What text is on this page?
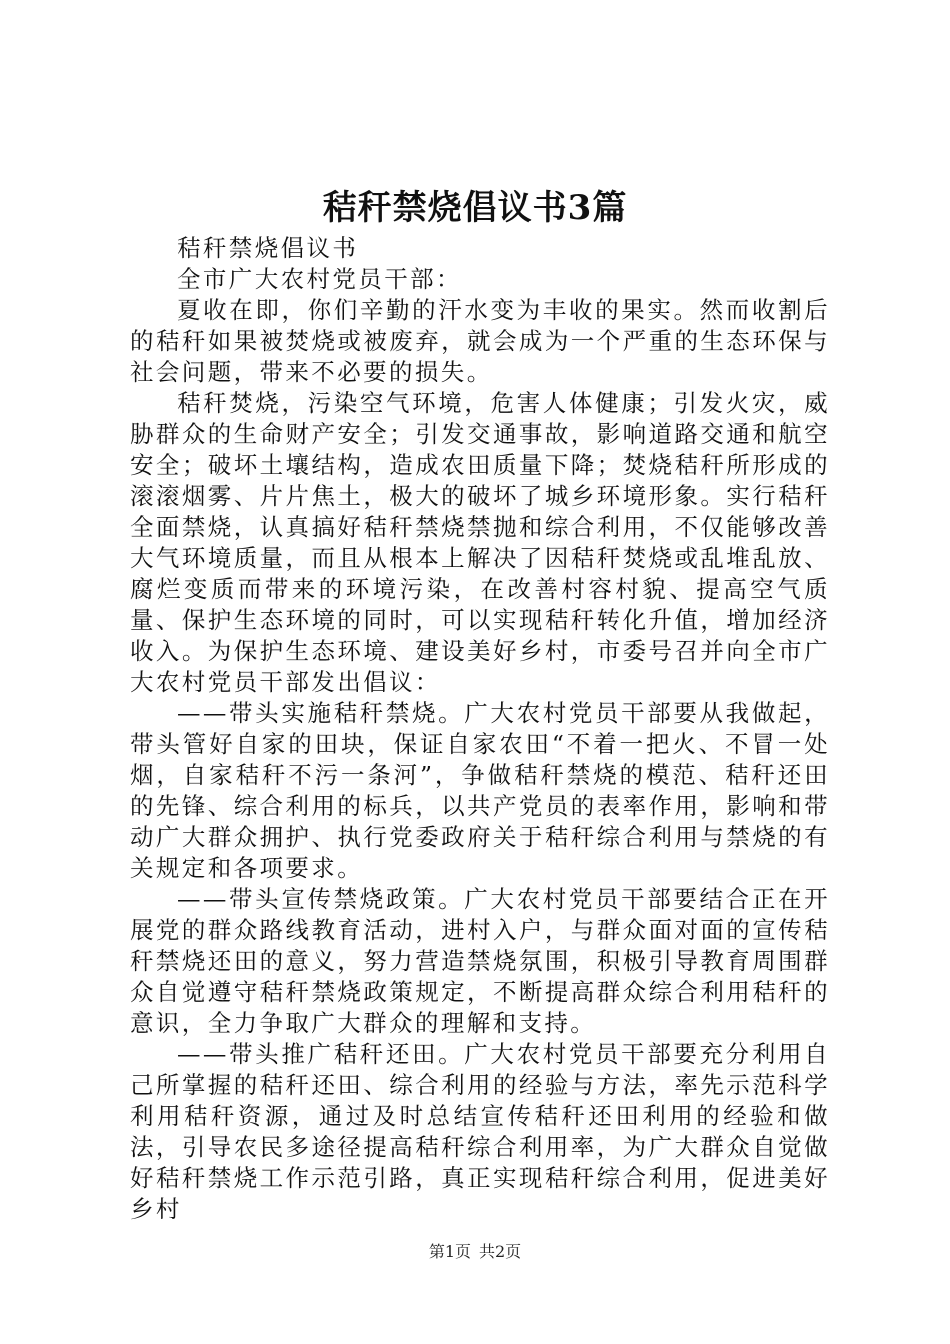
秸秆禁烧倡议书3篇

秸秆禁烧倡议书

全市广大农村党员干部：

夏收在即，你们辛勤的汗水变为丰收的果实。然而收割后的秸秆如果被焚烧或被废弃，就会成为一个严重的生态环保与社会问题，带来不必要的损失。

秸秆焚烧，污染空气环境，危害人体健康；引发火灾，威胁群众的生命财产安全；引发交通事故，影响道路交通和航空安全；破坏土壤结构，造成农田质量下降；焚烧秸秆所形成的滚滚烟雾、片片焦土，极大的破坏了城乡环境形象。实行秸秆全面禁烧，认真搞好秸秆禁烧禁抛和综合利用，不仅能够改善大气环境质量，而且从根本上解决了因秸秆焚烧或乱堆乱放、腐烂变质而带来的环境污染，在改善村容村貌、提高空气质量、保护生态环境的同时，可以实现秸秆转化升值，增加经济收入。为保护生态环境、建设美好乡村，市委号召并向全市广大农村党员干部发出倡议：

——带头实施秸秆禁烧。广大农村党员干部要从我做起，带头管好自家的田块，保证自家农田“不着一把火、不冒一处烟，自家秸秆不污一条河”，争做秸秆禁烧的模范、秸秆还田的先锋、综合利用的标兵，以共产党员的表率作用，影响和带动广大群众拥护、执行党委政府关于秸秆综合利用与禁烧的有关规定和各项要求。

——带头宣传禁烧政策。广大农村党员干部要结合正在开展党的群众路线教育活动，进村入户，与群众面对面的宣传秸秆禁烧还田的意义，努力营造禁烧氛围，积极引导教育周围群众自觉遵守秸秆禁烧政策规定，不断提高群众综合利用秸秆的意识，全力争取广大群众的理解和支持。

——带头推广秸秆还田。广大农村党员干部要充分利用自己所掌握的秸秆还田、综合利用的经验与方法，率先示范科学利用秸秆资源，通过及时总结宣传秸秆还田利用的经验和做法，引导农民多途径提高秸秆综合利用率，为广大群众自觉做好秸秆禁烧工作示范引路，真正实现秸秆综合利用，促进美好乡村

第1页 共2页
